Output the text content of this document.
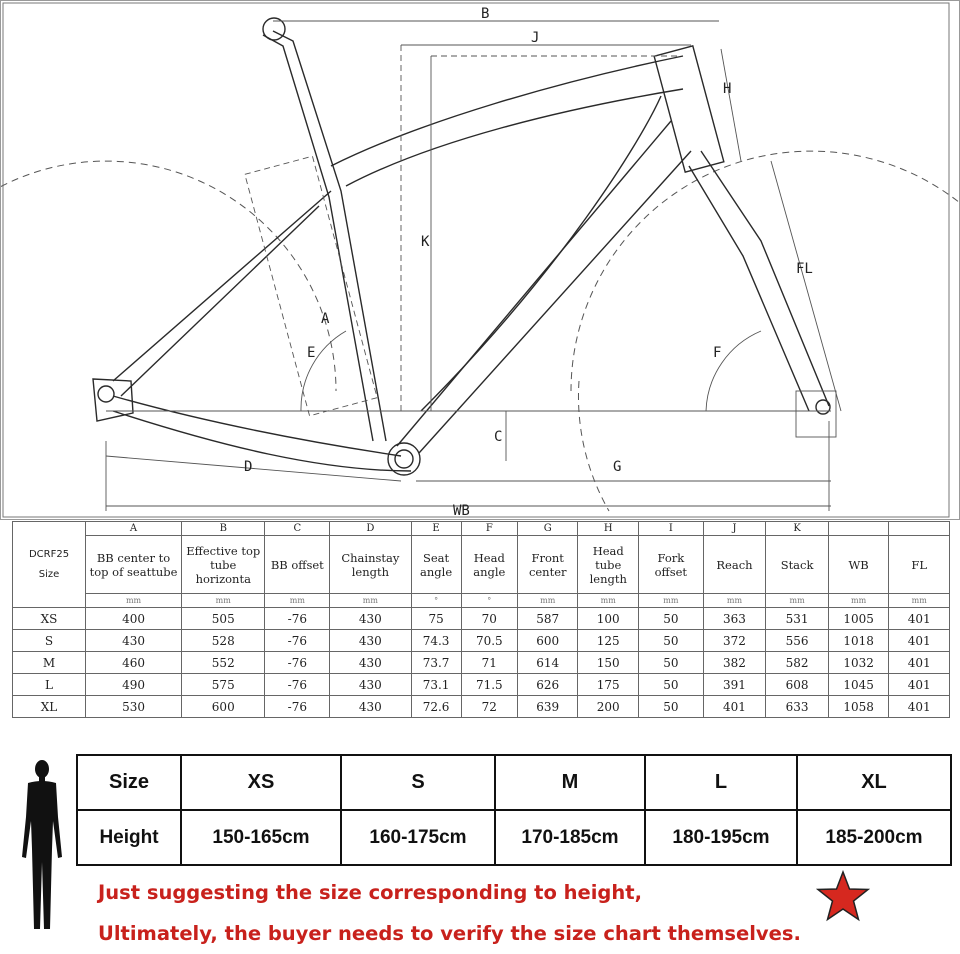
B
J
K
A
E	F
H
FL
D
C
G
WB
DCRF25
Size	A	B	C	D	E	F	G	H	I	J	K		
	BB center to top of seattube	Effective top tube horizonta	BB offset	Chainstay length	Seat angle	Head angle	Front center	Head tube length	Fork offset	Reach	Stack	WB	FL
	mm	mm	mm	mm	°	°	mm	mm	mm	mm	mm	mm	mm
XS	400	505	-76	430	75	70	587	100	50	363	531	1005	401
S	430	528	-76	430	74.3	70.5	600	125	50	372	556	1018	401
M	460	552	-76	430	73.7	71	614	150	50	382	582	1032	401
L	490	575	-76	430	73.1	71.5	626	175	50	391	608	1045	401
XL	530	600	-76	430	72.6	72	639	200	50	401	633	1058	401
Size	XS	S	M	L	XL
Height	150-165cm	160-175cm	170-185cm	180-195cm	185-200cm
Just suggesting the size corresponding to height,
Ultimately, the buyer needs to verify the size chart themselves.
